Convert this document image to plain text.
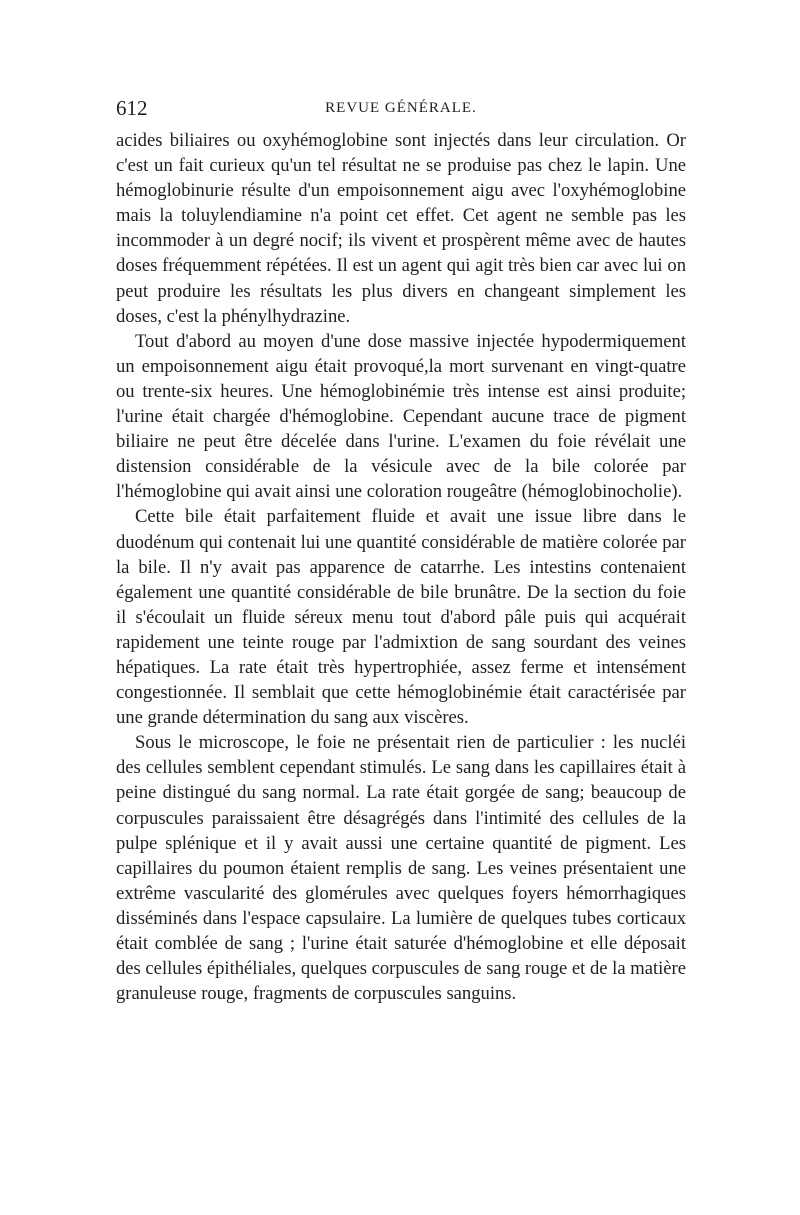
612	REVUE GÉNÉRALE.

acides biliaires ou oxyhémoglobine sont injectés dans leur circulation. Or c'est un fait curieux qu'un tel résultat ne se produise pas chez le lapin. Une hémoglobinurie résulte d'un empoisonnement aigu avec l'oxyhémoglobine mais la toluylendiamine n'a point cet effet. Cet agent ne semble pas les incommoder à un degré nocif; ils vivent et prospèrent même avec de hautes doses fréquemment répétées. Il est un agent qui agit très bien car avec lui on peut produire les résultats les plus divers en changeant simplement les doses, c'est la phénylhydrazine.

Tout d'abord au moyen d'une dose massive injectée hypodermiquement un empoisonnement aigu était provoqué,la mort survenant en vingt-quatre ou trente-six heures. Une hémoglobinémie très intense est ainsi produite; l'urine était chargée d'hémoglobine. Cependant aucune trace de pigment biliaire ne peut être décelée dans l'urine. L'examen du foie révélait une distension considérable de la vésicule avec de la bile colorée par l'hémoglobine qui avait ainsi une coloration rougeâtre (hémoglobinocholie).

Cette bile était parfaitement fluide et avait une issue libre dans le duodénum qui contenait lui une quantité considérable de matière colorée par la bile. Il n'y avait pas apparence de catarrhe. Les intestins contenaient également une quantité considérable de bile brunâtre. De la section du foie il s'écoulait un fluide séreux menu tout d'abord pâle puis qui acquérait rapidement une teinte rouge par l'admixtion de sang sourdant des veines hépatiques. La rate était très hypertrophiée, assez ferme et intensément congestionnée. Il semblait que cette hémoglobinémie était caractérisée par une grande détermination du sang aux viscères.

Sous le microscope, le foie ne présentait rien de particulier : les nucléi des cellules semblent cependant stimulés. Le sang dans les capillaires était à peine distingué du sang normal. La rate était gorgée de sang; beaucoup de corpuscules paraissaient être désagrégés dans l'intimité des cellules de la pulpe splénique et il y avait aussi une certaine quantité de pigment. Les capillaires du poumon étaient remplis de sang. Les veines présentaient une extrême vascularité des glomérules avec quelques foyers hémorrhagiques disséminés dans l'espace capsulaire. La lumière de quelques tubes corticaux était comblée de sang ; l'urine était saturée d'hémoglobine et elle déposait des cellules épithéliales, quelques corpuscules de sang rouge et de la matière granuleuse rouge, fragments de corpuscules sanguins.
